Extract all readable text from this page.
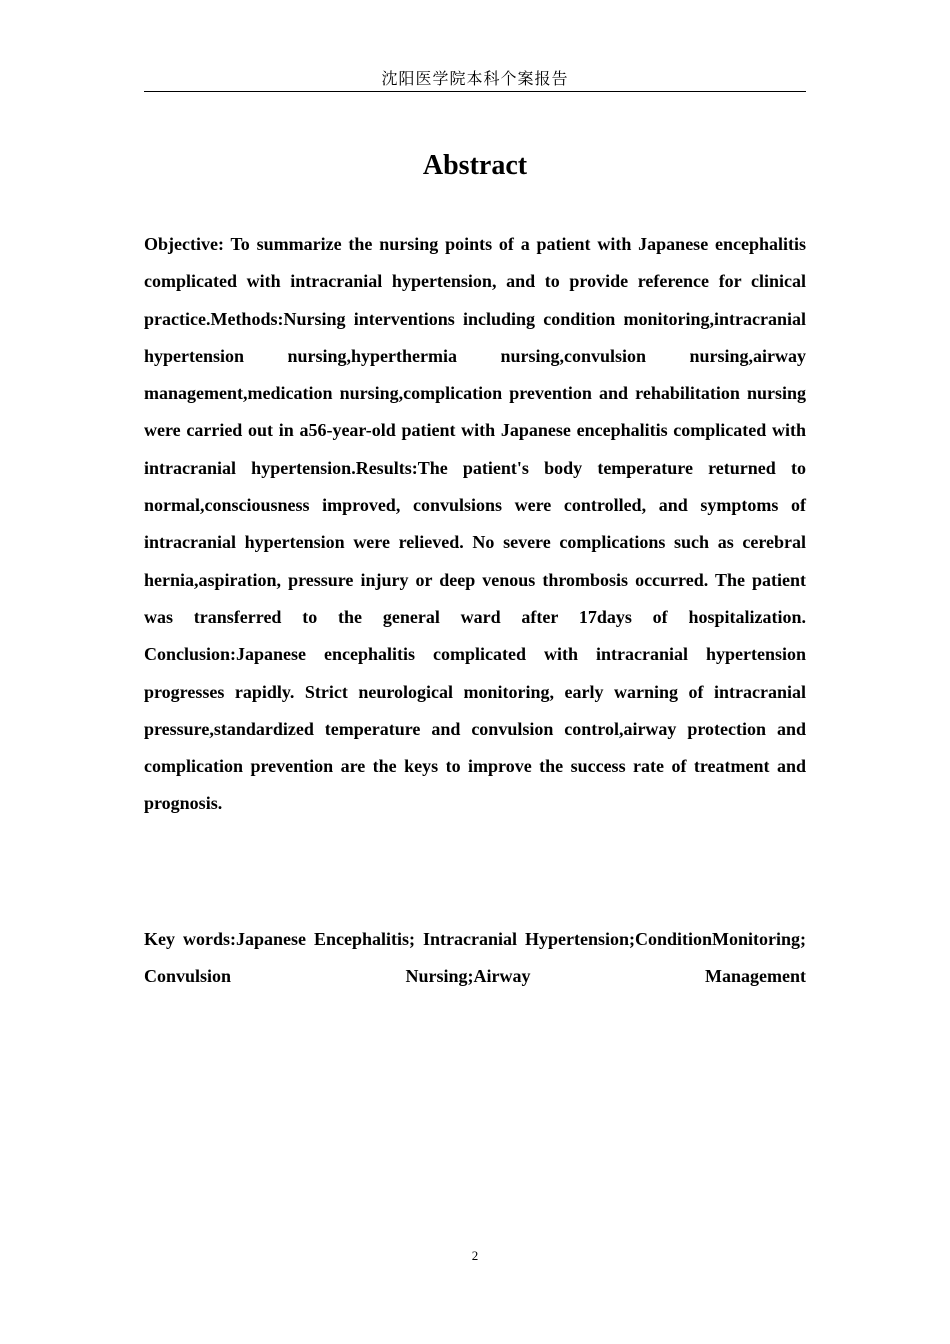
沈阳医学院本科个案报告
Abstract

Objective: To summarize the nursing points of a patient with Japanese encephalitis complicated with intracranial hypertension, and to provide reference for clinical practice.Methods:Nursing interventions including condition monitoring,intracranial hypertension nursing,hyperthermia nursing,convulsion nursing,airway management,medication nursing,complication prevention and rehabilitation nursing were carried out in a56-year-old patient with Japanese encephalitis complicated with intracranial hypertension.Results:The patient's body temperature returned to normal,consciousness improved, convulsions were controlled, and symptoms of intracranial hypertension were relieved. No severe complications such as cerebral hernia,aspiration, pressure injury or deep venous thrombosis occurred. The patient was transferred to the general ward after 17days of hospitalization. Conclusion:Japanese encephalitis complicated with intracranial hypertension progresses rapidly. Strict neurological monitoring, early warning of intracranial pressure,standardized temperature and convulsion control,airway protection and complication prevention are the keys to improve the success rate of treatment and prognosis.

Key words:Japanese Encephalitis; Intracranial Hypertension;ConditionMonitoring; Convulsion Nursing;Airway Management

2
